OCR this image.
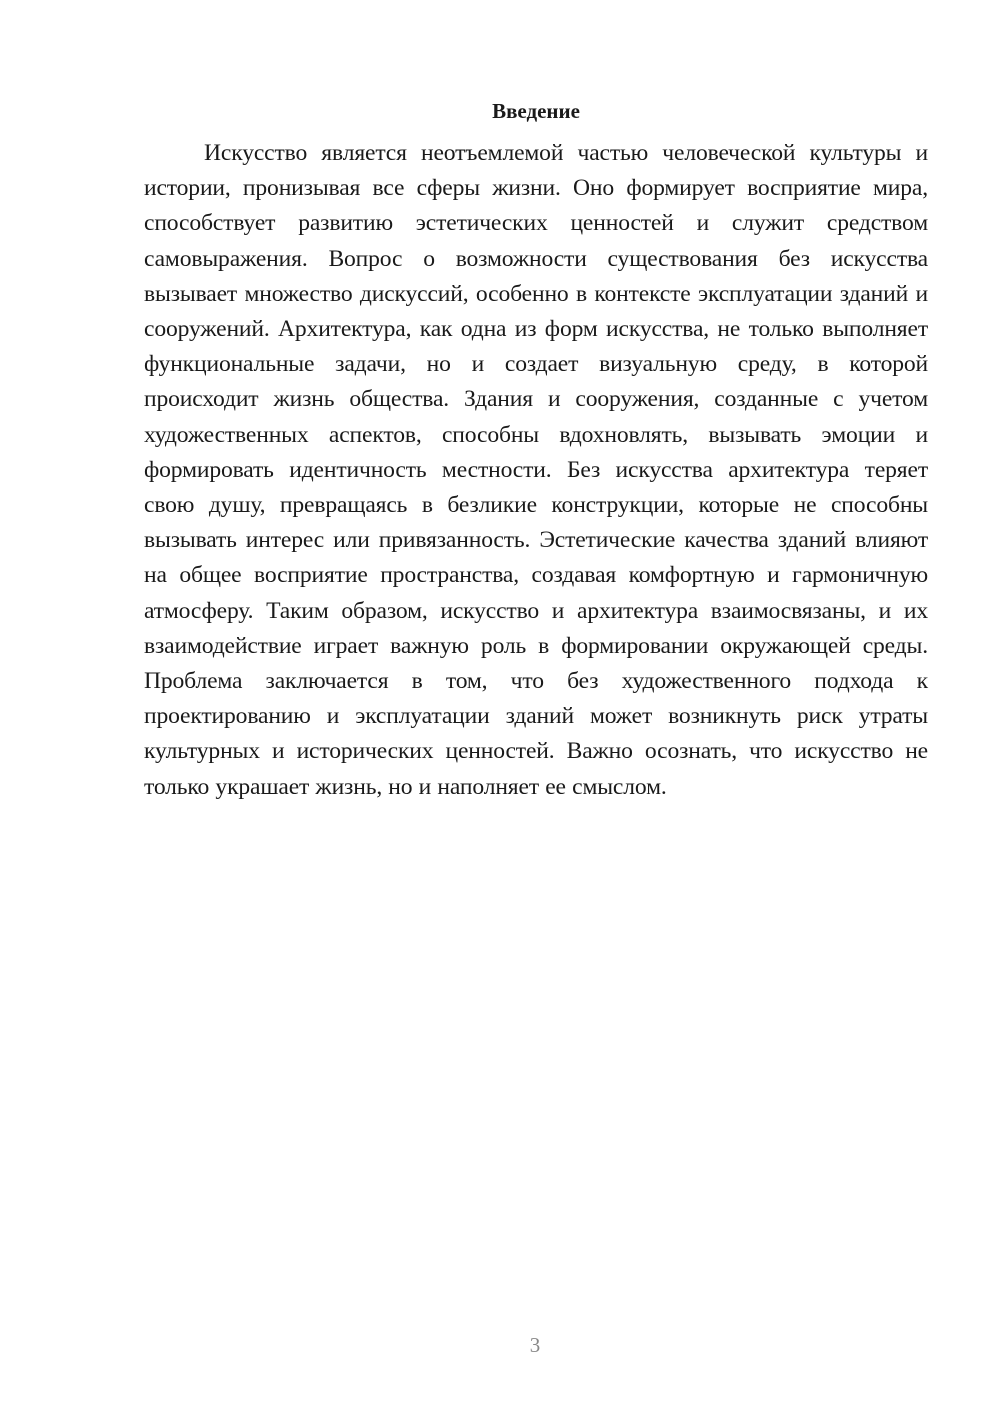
Введение

Искусство является неотъемлемой частью человеческой культуры и истории, пронизывая все сферы жизни. Оно формирует восприятие мира, способствует развитию эстетических ценностей и служит средством самовыражения. Вопрос о возможности существования без искусства вызывает множество дискуссий, особенно в контексте эксплуатации зданий и сооружений. Архитектура, как одна из форм искусства, не только выполняет функциональные задачи, но и создает визуальную среду, в которой происходит жизнь общества. Здания и сооружения, созданные с учетом художественных аспектов, способны вдохновлять, вызывать эмоции и формировать идентичность местности. Без искусства архитектура теряет свою душу, превращаясь в безликие конструкции, которые не способны вызывать интерес или привязанность. Эстетические качества зданий влияют на общее восприятие пространства, создавая комфортную и гармоничную атмосферу. Таким образом, искусство и архитектура взаимосвязаны, и их взаимодействие играет важную роль в формировании окружающей среды. Проблема заключается в том, что без художественного подхода к проектированию и эксплуатации зданий может возникнуть риск утраты культурных и исторических ценностей. Важно осознать, что искусство не только украшает жизнь, но и наполняет ее смыслом.

3
